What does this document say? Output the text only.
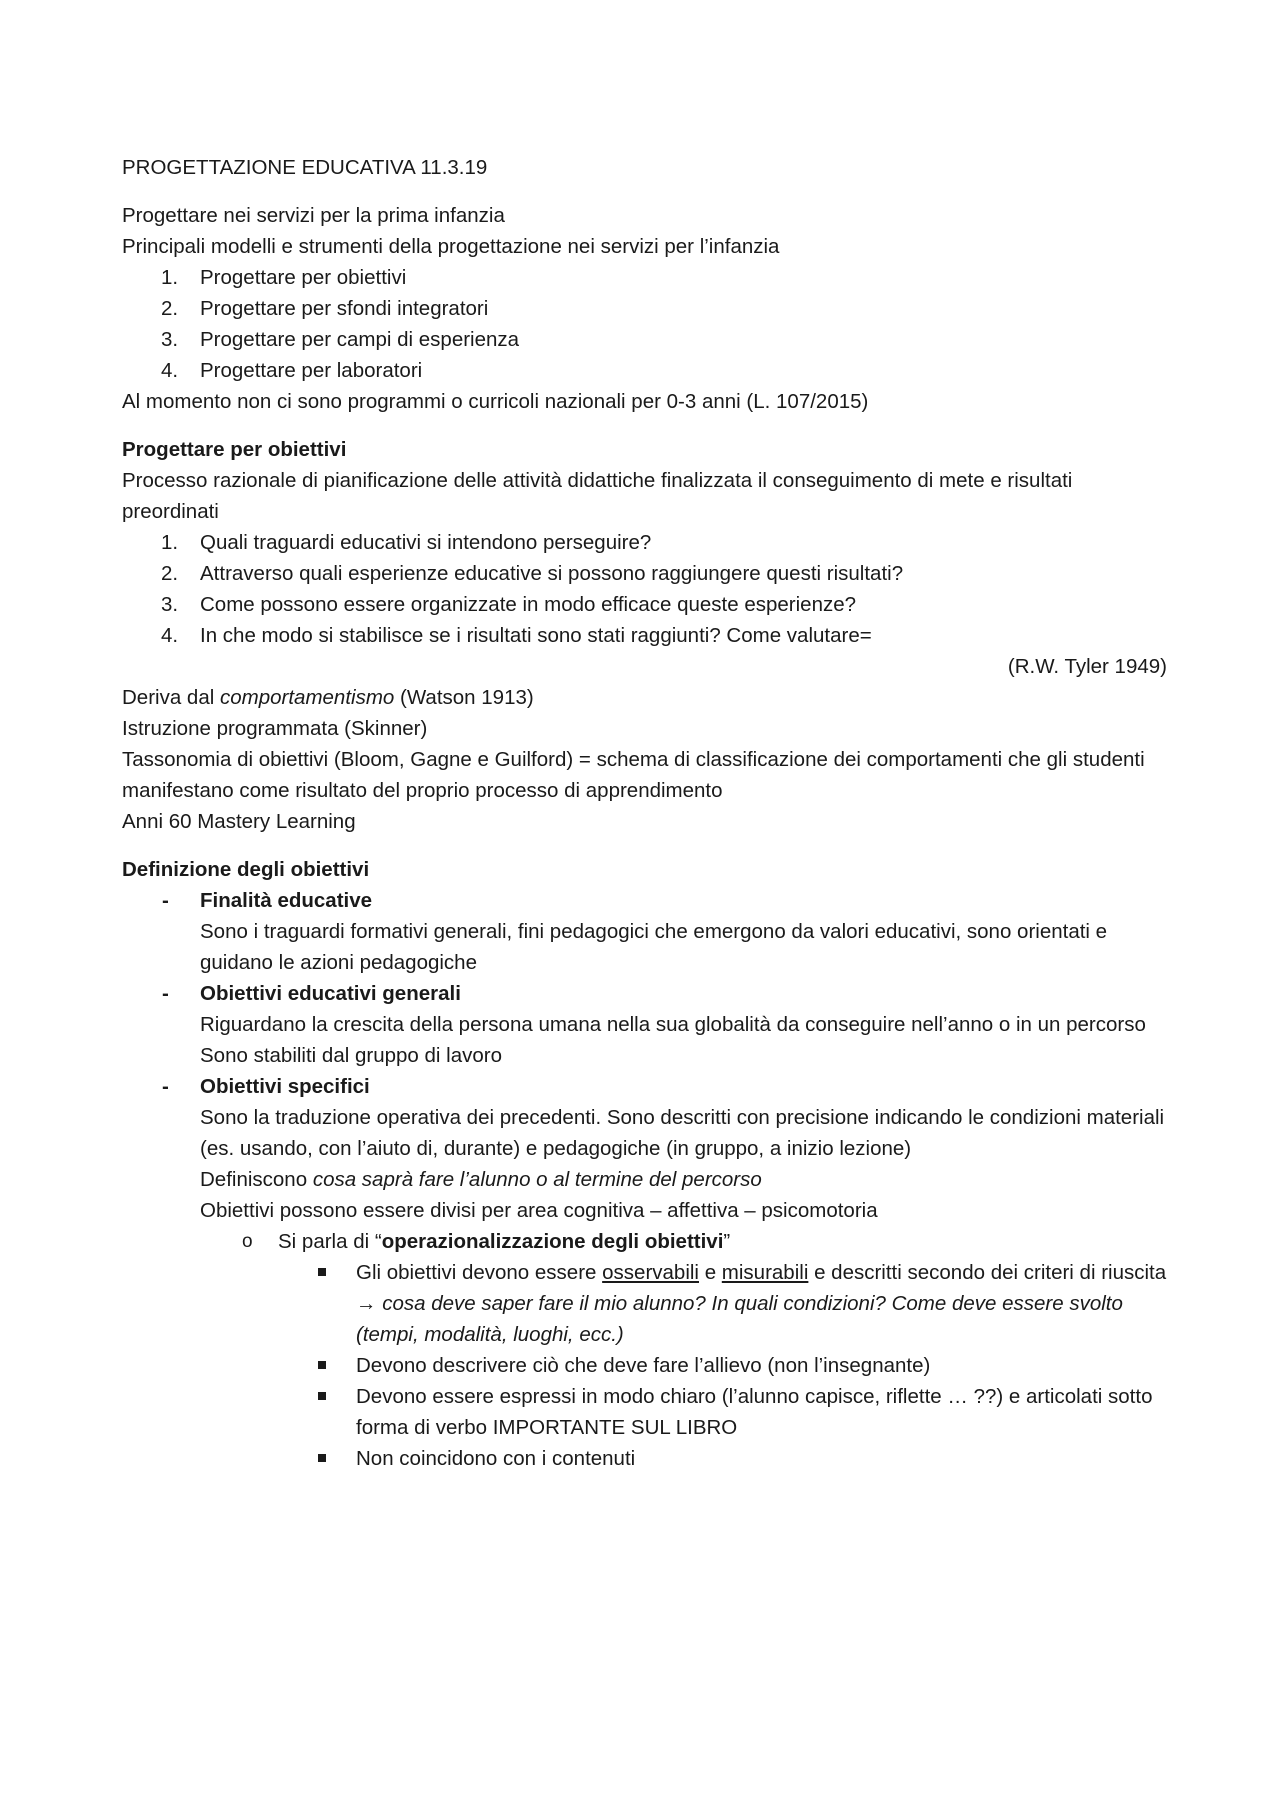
PROGETTAZIONE EDUCATIVA 11.3.19

Progettare nei servizi per la prima infanzia

Principali modelli e strumenti della progettazione nei servizi per l’infanzia

1. Progettare per obiettivi

2. Progettare per sfondi integratori

3. Progettare per campi di esperienza

4. Progettare per laboratori

Al momento non ci sono programmi o curricoli nazionali per 0-3 anni (L. 107/2015)

Progettare per obiettivi

Processo razionale di pianificazione delle attività didattiche finalizzata il conseguimento di mete e risultati preordinati

1. Quali traguardi educativi si intendono perseguire?

2. Attraverso quali esperienze educative si possono raggiungere questi risultati?

3. Come possono essere organizzate in modo efficace queste esperienze?

4. In che modo si stabilisce se i risultati sono stati raggiunti? Come valutare=

(R.W. Tyler 1949)

Deriva dal comportamentismo (Watson 1913)

Istruzione programmata (Skinner)

Tassonomia di obiettivi (Bloom, Gagne e Guilford) = schema di classificazione dei comportamenti che gli studenti manifestano come risultato del proprio processo di apprendimento

Anni 60 Mastery Learning

Definizione degli obiettivi

- Finalità educative

Sono i traguardi formativi generali, fini pedagogici che emergono da valori educativi, sono orientati e guidano le azioni pedagogiche

- Obiettivi educativi generali

Riguardano la crescita della persona umana nella sua globalità da conseguire nell’anno o in un percorso

Sono stabiliti dal gruppo di lavoro

- Obiettivi specifici

Sono la traduzione operativa dei precedenti. Sono descritti con precisione indicando le condizioni materiali (es. usando, con l’aiuto di, durante) e pedagogiche (in gruppo, a inizio lezione)

Definiscono cosa saprà fare l’alunno o al termine del percorso

Obiettivi possono essere divisi per area cognitiva – affettiva – psicomotoria

o Si parla di “operazionalizzazione degli obiettivi”

Gli obiettivi devono essere osservabili e misurabili e descritti secondo dei criteri di riuscita → cosa deve saper fare il mio alunno? In quali condizioni? Come deve essere svolto (tempi, modalità, luoghi, ecc.)

Devono descrivere ciò che deve fare l’allievo (non l’insegnante)

Devono essere espressi in modo chiaro (l’alunno capisce, riflette … ??) e articolati sotto forma di verbo IMPORTANTE SUL LIBRO

Non coincidono con i contenuti
